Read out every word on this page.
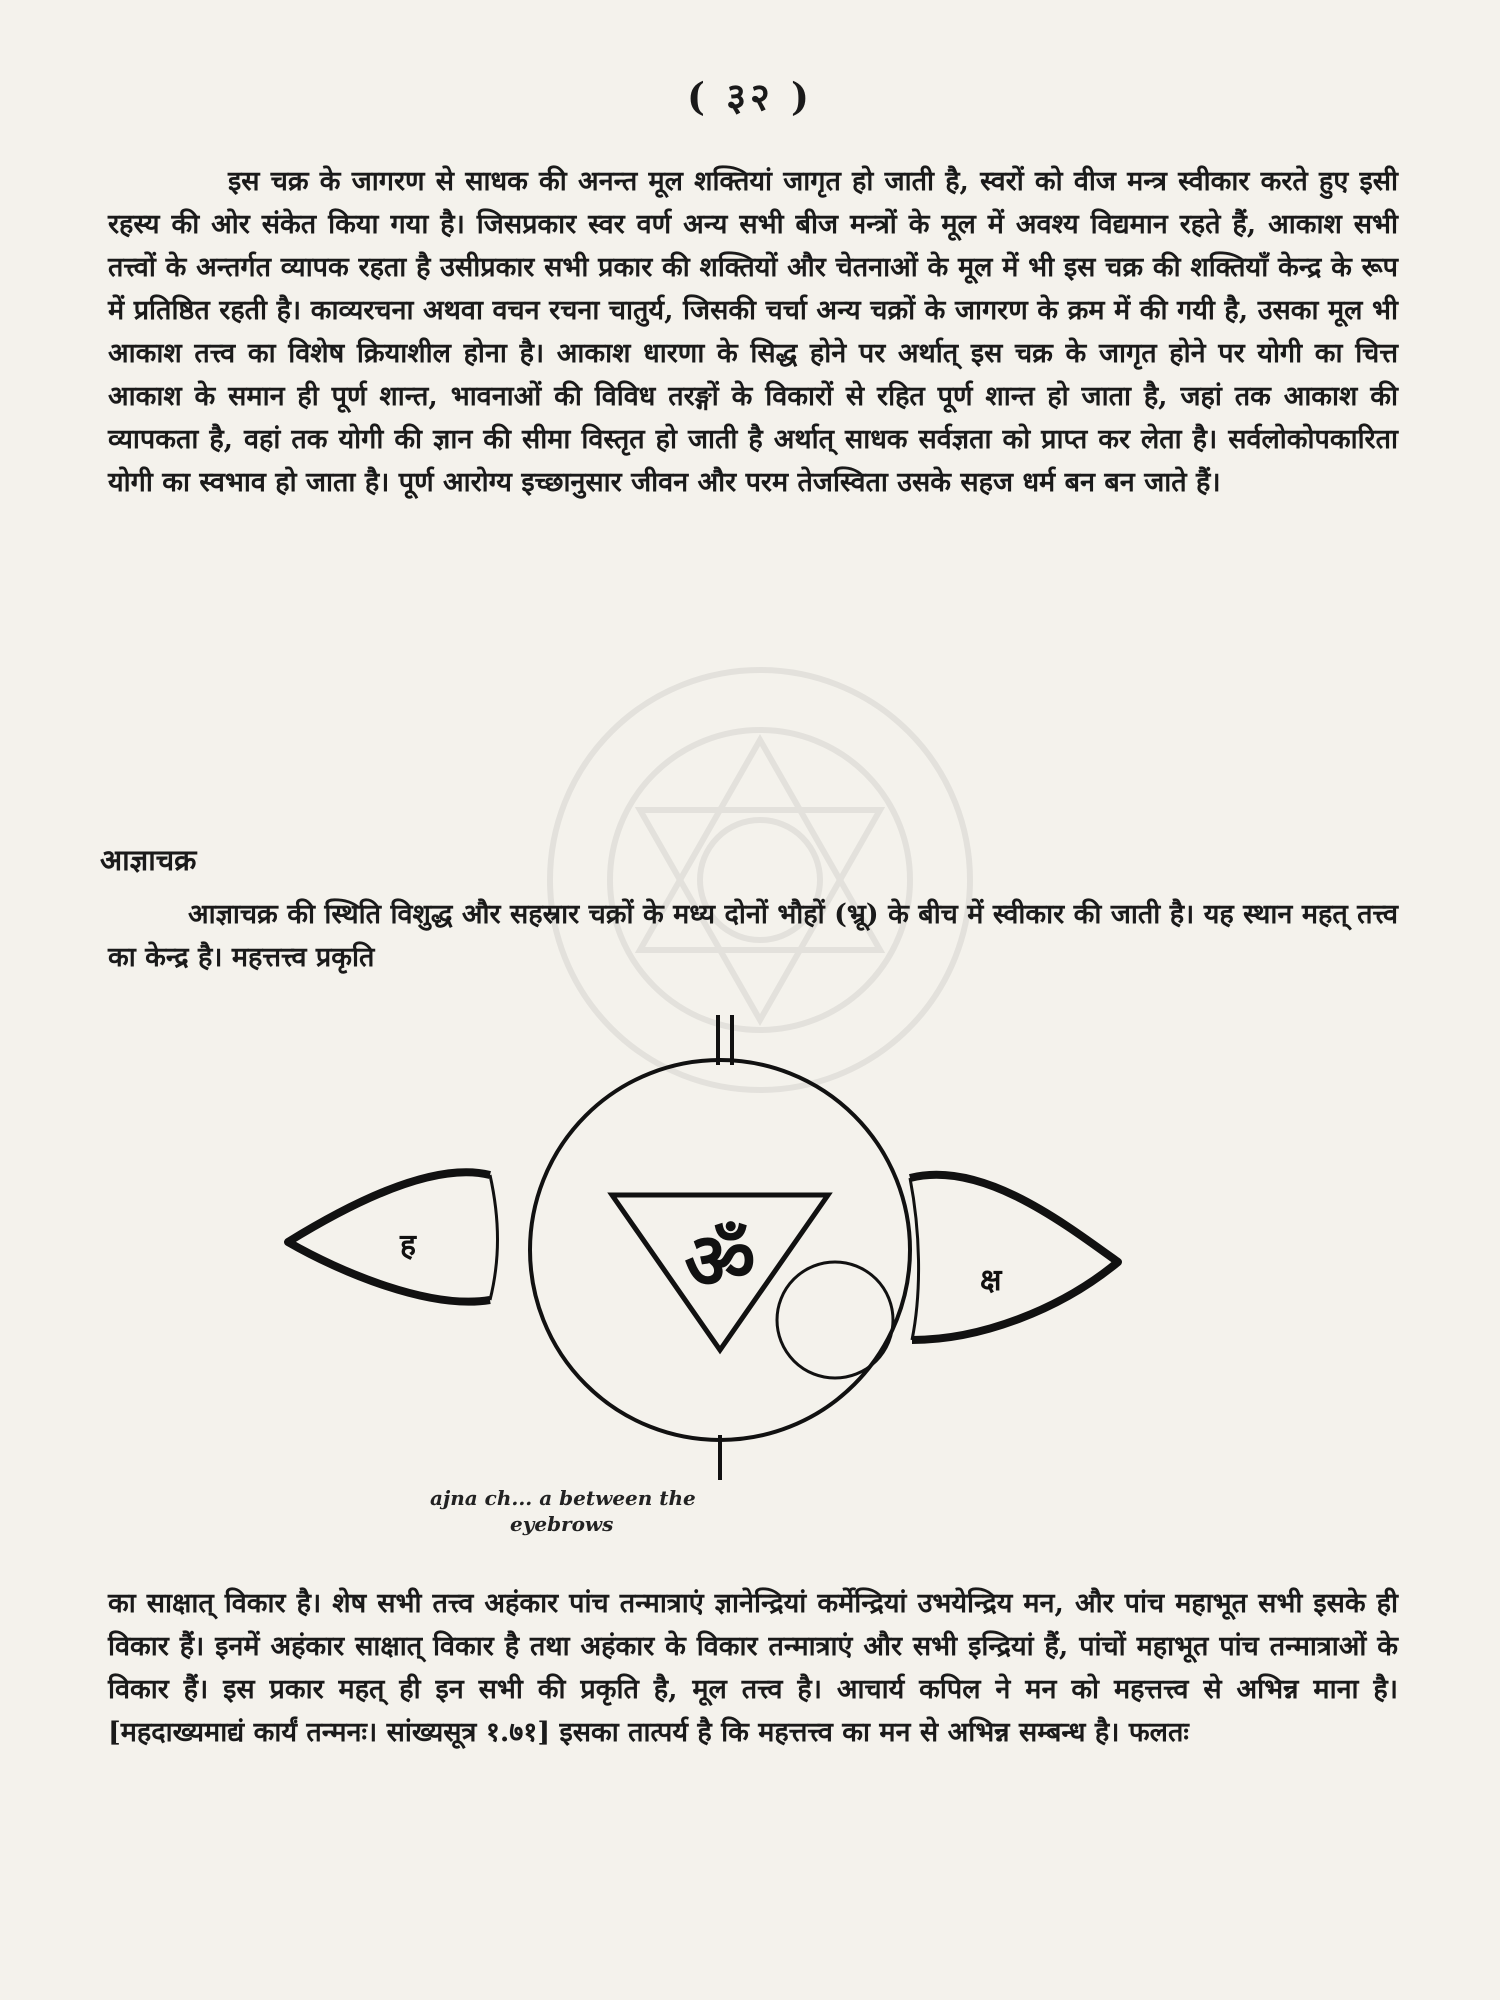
( ३२ )

इस चक्र के जागरण से साधक की अनन्त मूल शक्तियां जागृत हो जाती है, स्वरों को वीज मन्त्र स्वीकार करते हुए इसी रहस्य की ओर संकेत किया गया है। जिसप्रकार स्वर वर्ण अन्य सभी बीज मन्त्रों के मूल में अवश्य विद्यमान रहते हैं, आकाश सभी तत्त्वों के अन्तर्गत व्यापक रहता है उसीप्रकार सभी प्रकार की शक्तियों और चेतनाओं के मूल में भी इस चक्र की शक्तियाँ केन्द्र के रूप में प्रतिष्ठित रहती है। काव्यरचना अथवा वचन रचना चातुर्य, जिसकी चर्चा अन्य चक्रों के जागरण के क्रम में की गयी है, उसका मूल भी आकाश तत्त्व का विशेष क्रियाशील होना है। आकाश धारणा के सिद्ध होने पर अर्थात् इस चक्र के जागृत होने पर योगी का चित्त आकाश के समान ही पूर्ण शान्त, भावनाओं की विविध तरङ्गों के विकारों से रहित पूर्ण शान्त हो जाता है, जहां तक आकाश की व्यापकता है, वहां तक योगी की ज्ञान की सीमा विस्तृत हो जाती है अर्थात् साधक सर्वज्ञता को प्राप्त कर लेता है। सर्वलोकोपकारिता योगी का स्वभाव हो जाता है। पूर्ण आरोग्य इच्छानुसार जीवन और परम तेजस्विता उसके सहज धर्म बन बन जाते हैं।

आज्ञाचक्र

आज्ञाचक्र की स्थिति विशुद्ध और सहस्रार चक्रों के मध्य दोनों भौहों (भ्रू) के बीच में स्वीकार की जाती है। यह स्थान महत् तत्त्व का केन्द्र है। महत्तत्त्व प्रकृति

ह
क्ष
ॐ
ajna ch... a between the
eyebrows

का साक्षात् विकार है। शेष सभी तत्त्व अहंकार पांच तन्मात्राएं ज्ञानेन्द्रियां कर्मेन्द्रियां उभयेन्द्रिय मन, और पांच महाभूत सभी इसके ही विकार हैं। इनमें अहंकार साक्षात् विकार है तथा अहंकार के विकार तन्मात्राएं और सभी इन्द्रियां हैं, पांचों महाभूत पांच तन्मात्राओं के विकार हैं। इस प्रकार महत् ही इन सभी की प्रकृति है, मूल तत्त्व है। आचार्य कपिल ने मन को महत्तत्त्व से अभिन्न माना है। [महदाख्यमाद्यं कार्यं तन्मनः। सांख्यसूत्र १.७१] इसका तात्पर्य है कि महत्तत्त्व का मन से अभिन्न सम्बन्ध है। फलतः
